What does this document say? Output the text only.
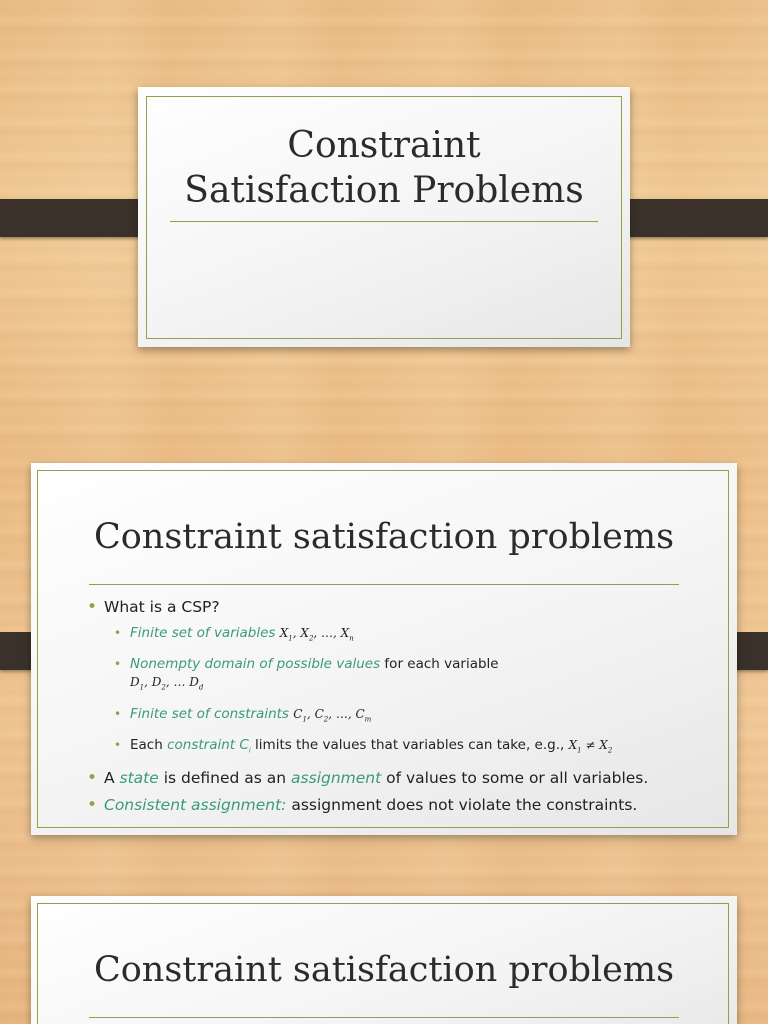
Constraint
Satisfaction Problems
Constraint satisfaction problems
• What is a CSP?
• Finite set of variables $X_1$, $X_2$, …, $X_n$
• Nonempty domain of possible values for each variable
$D_1$, $D_2$, … $D_d$
• Finite set of constraints $C_1$, $C_2$, …, $C_m$
• Each constraint $C_i$ limits the values that variables can take, e.g., $X_1 \ne X_2$
• A state is defined as an assignment of values to some or all variables.
• Consistent assignment: assignment does not violate the constraints.
Constraint satisfaction problems
